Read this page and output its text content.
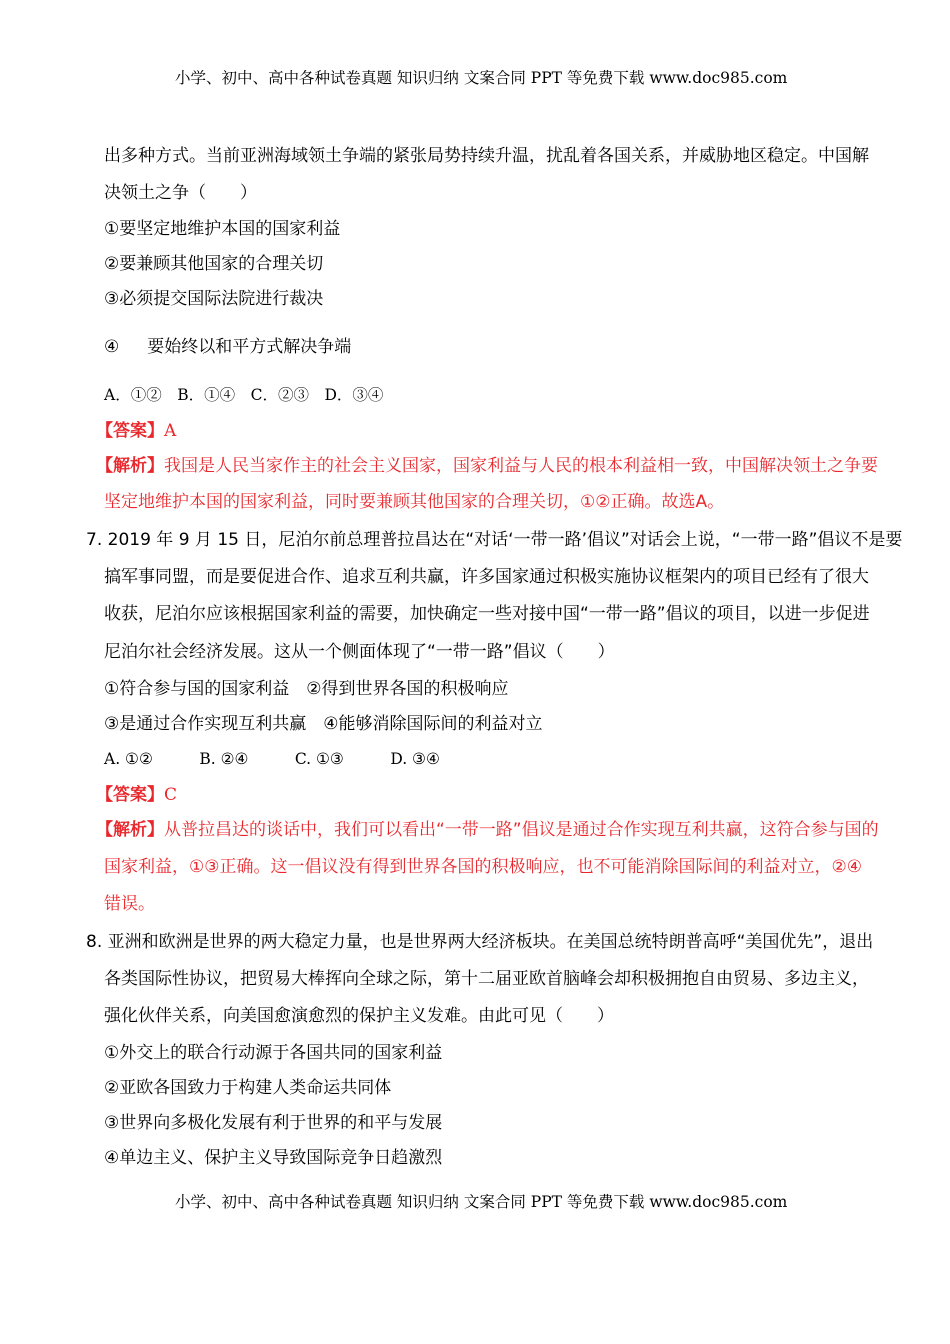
小学、初中、高中各种试卷真题 知识归纳 文案合同 PPT 等免费下载 www.doc985.com
出多种方式。当前亚洲海域领土争端的紧张局势持续升温，扰乱着各国关系，并威胁地区稳定。中国解
决领土之争（　　）
①要坚定地维护本国的国家利益
②要兼顾其他国家的合理关切
③必须提交国际法院进行裁决
④ 要始终以和平方式解决争端
A．①②　B．①④　C．②③　D．③④
【答案】A
【解析】我国是人民当家作主的社会主义国家，国家利益与人民的根本利益相一致，中国解决领土之争要
坚定地维护本国的国家利益，同时要兼顾其他国家的合理关切，①②正确。故选A。
7. 2019 年 9 月 15 日，尼泊尔前总理普拉昌达在“对话‘一带一路’倡议”对话会上说，“一带一路”倡议不是要
搞军事同盟，而是要促进合作、追求互利共赢，许多国家通过积极实施协议框架内的项目已经有了很大
收获，尼泊尔应该根据国家利益的需要，加快确定一些对接中国“一带一路”倡议的项目，以进一步促进
尼泊尔社会经济发展。这从一个侧面体现了“一带一路”倡议（　　）
①符合参与国的国家利益　②得到世界各国的积极响应
③是通过合作实现互利共赢　④能够消除国际间的利益对立
A. ①②　　　B. ②④　　　C. ①③　　　D. ③④
【答案】C
【解析】从普拉昌达的谈话中，我们可以看出“一带一路”倡议是通过合作实现互利共赢，这符合参与国的
国家利益，①③正确。这一倡议没有得到世界各国的积极响应，也不可能消除国际间的利益对立，②④
错误。
8. 亚洲和欧洲是世界的两大稳定力量，也是世界两大经济板块。在美国总统特朗普高呼“美国优先”，退出
各类国际性协议，把贸易大棒挥向全球之际，第十二届亚欧首脑峰会却积极拥抱自由贸易、多边主义，
强化伙伴关系，向美国愈演愈烈的保护主义发难。由此可见（　　）
①外交上的联合行动源于各国共同的国家利益
②亚欧各国致力于构建人类命运共同体
③世界向多极化发展有利于世界的和平与发展
④单边主义、保护主义导致国际竞争日趋激烈
小学、初中、高中各种试卷真题 知识归纳 文案合同 PPT 等免费下载 www.doc985.com
